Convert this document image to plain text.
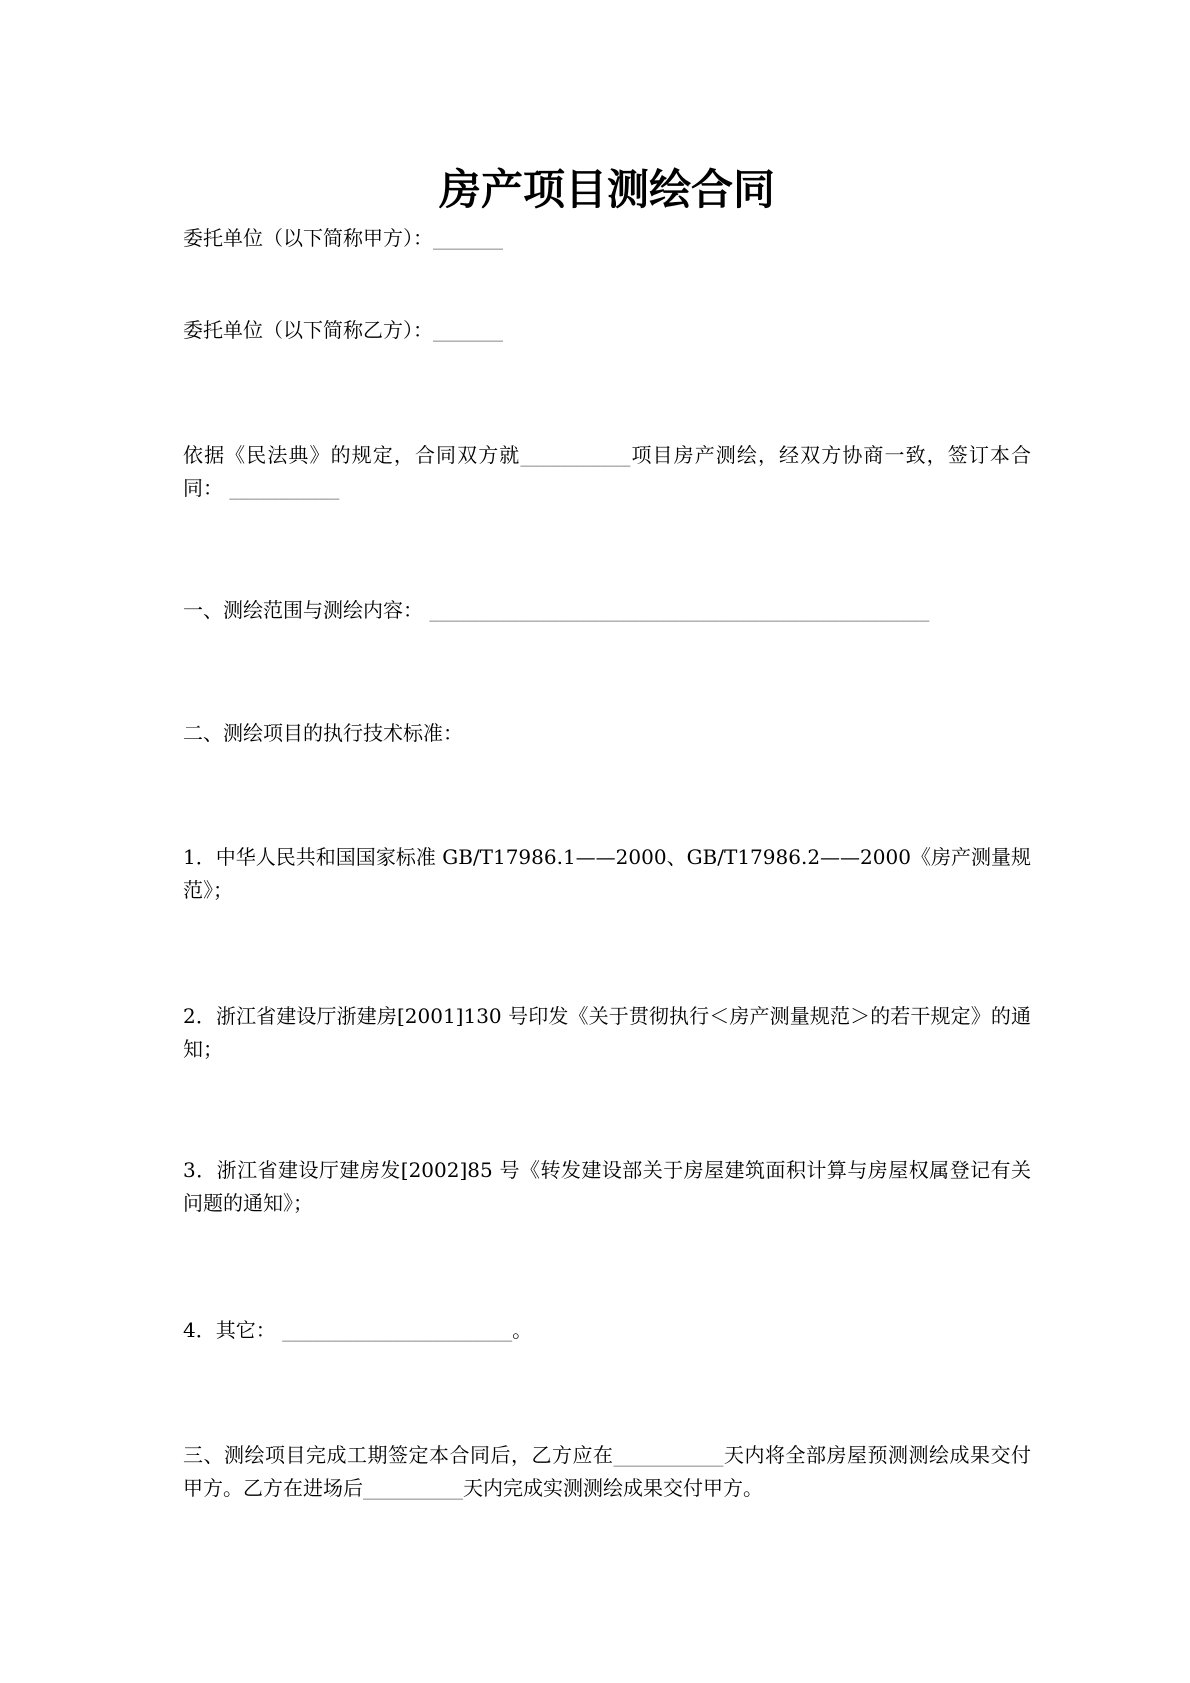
房产项目测绘合同

委托单位（以下简称甲方）：_______

委托单位（以下简称乙方）：_______

依据《民法典》的规定，合同双方就___________项目房产测绘，经双方协商一致，签订本合同： ___________

一、测绘范围与测绘内容： __________________________________________________

二、测绘项目的执行技术标准：

1．中华人民共和国国家标准 GB/T17986.1——2000、GB/T17986.2——2000《房产测量规范》；

2．浙江省建设厅浙建房[2001]130 号印发《关于贯彻执行＜房产测量规范＞的若干规定》的通知；

3．浙江省建设厅建房发[2002]85 号《转发建设部关于房屋建筑面积计算与房屋权属登记有关问题的通知》；

4．其它： _______________________。

三、测绘项目完成工期签定本合同后，乙方应在___________天内将全部房屋预测测绘成果交付甲方。乙方在进场后__________天内完成实测测绘成果交付甲方。
